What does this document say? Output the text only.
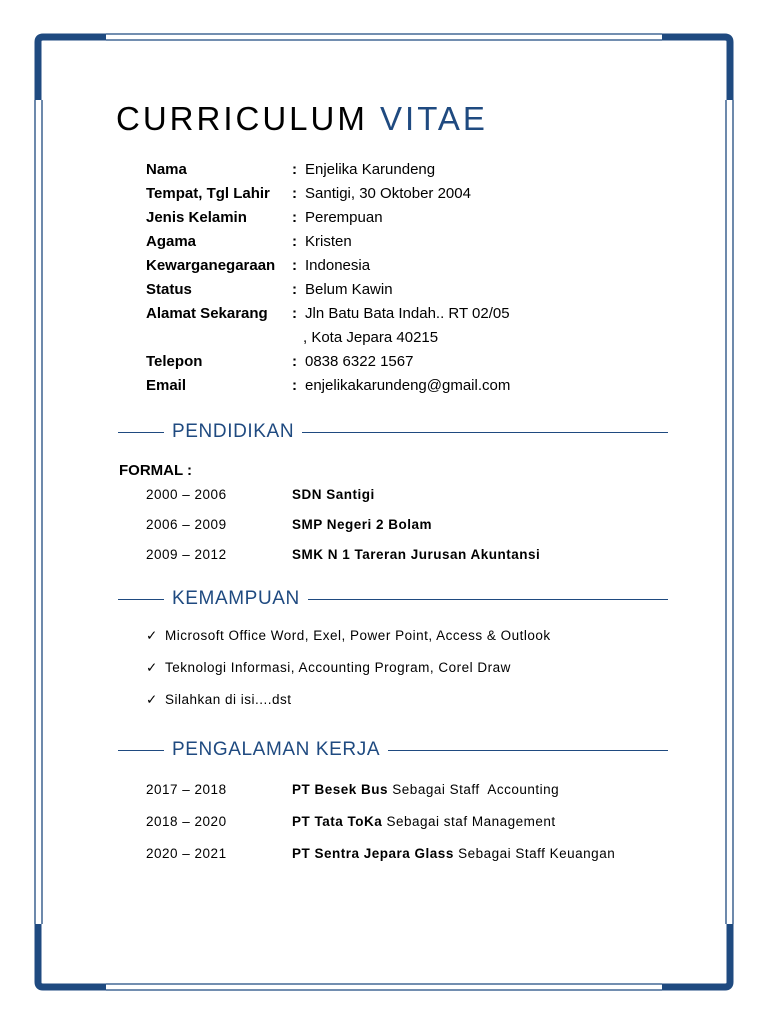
CURRICULUM VITAE
Nama	: Enjelika Karundeng
Tempat, Tgl Lahir	: Santigi, 30 Oktober 2004
Jenis Kelamin	: Perempuan
Agama	: Kristen
Kewarganegaraan	: Indonesia
Status	: Belum Kawin
Alamat Sekarang	: Jln Batu Bata Indah.. RT 02/05
, Kota Jepara 40215
Telepon	: 0838 6322 1567
Email	: enjelikakarundeng@gmail.com
PENDIDIKAN
FORMAL :
2000 – 2006	SDN Santigi
2006 – 2009	SMP Negeri 2 Bolam
2009 – 2012	SMK N 1 Tareran Jurusan Akuntansi
KEMAMPUAN
✓ Microsoft Office Word, Exel, Power Point, Access & Outlook
✓ Teknologi Informasi, Accounting Program, Corel Draw
✓ Silahkan di isi....dst
PENGALAMAN KERJA
2017 – 2018	PT Besek Bus Sebagai Staff  Accounting
2018 – 2020	PT Tata ToKa Sebagai staf Management
2020 – 2021	PT Sentra Jepara Glass Sebagai Staff Keuangan
